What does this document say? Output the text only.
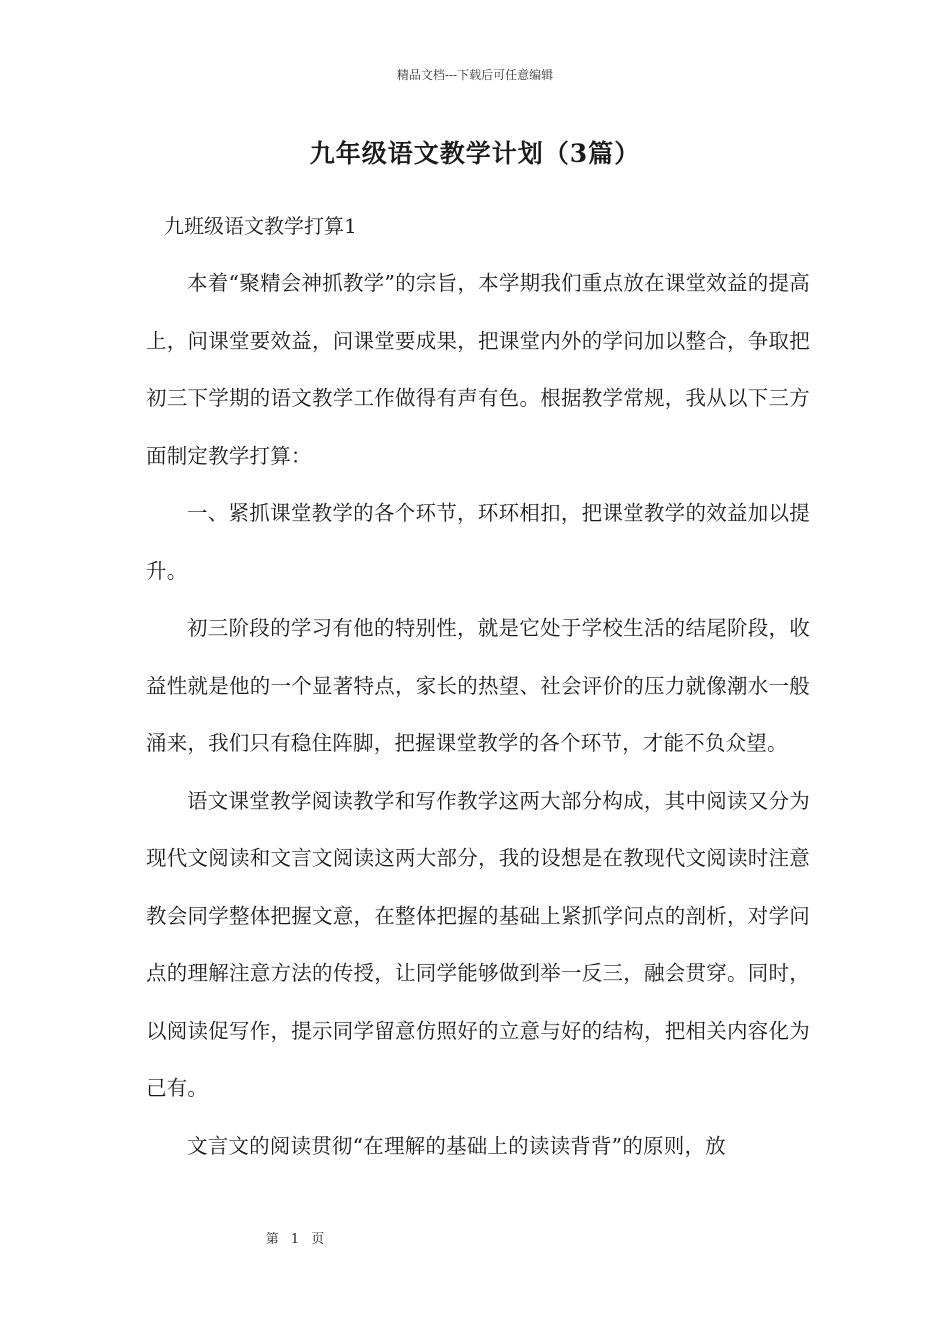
精品文档---下载后可任意编辑
九年级语文教学计划（3篇）
九班级语文教学打算1

本着“聚精会神抓教学”的宗旨，本学期我们重点放在课堂效益的提高上，问课堂要效益，问课堂要成果，把课堂内外的学问加以整合，争取把初三下学期的语文教学工作做得有声有色。根据教学常规，我从以下三方面制定教学打算：

一、紧抓课堂教学的各个环节，环环相扣，把课堂教学的效益加以提升。

初三阶段的学习有他的特别性，就是它处于学校生活的结尾阶段，收益性就是他的一个显著特点，家长的热望、社会评价的压力就像潮水一般涌来，我们只有稳住阵脚，把握课堂教学的各个环节，才能不负众望。

语文课堂教学阅读教学和写作教学这两大部分构成，其中阅读又分为现代文阅读和文言文阅读这两大部分，我的设想是在教现代文阅读时注意教会同学整体把握文意，在整体把握的基础上紧抓学问点的剖析，对学问点的理解注意方法的传授，让同学能够做到举一反三，融会贯穿。同时，以阅读促写作，提示同学留意仿照好的立意与好的结构，把相关内容化为己有。

文言文的阅读贯彻“在理解的基础上的读读背背”的原则，放

第 1 页
